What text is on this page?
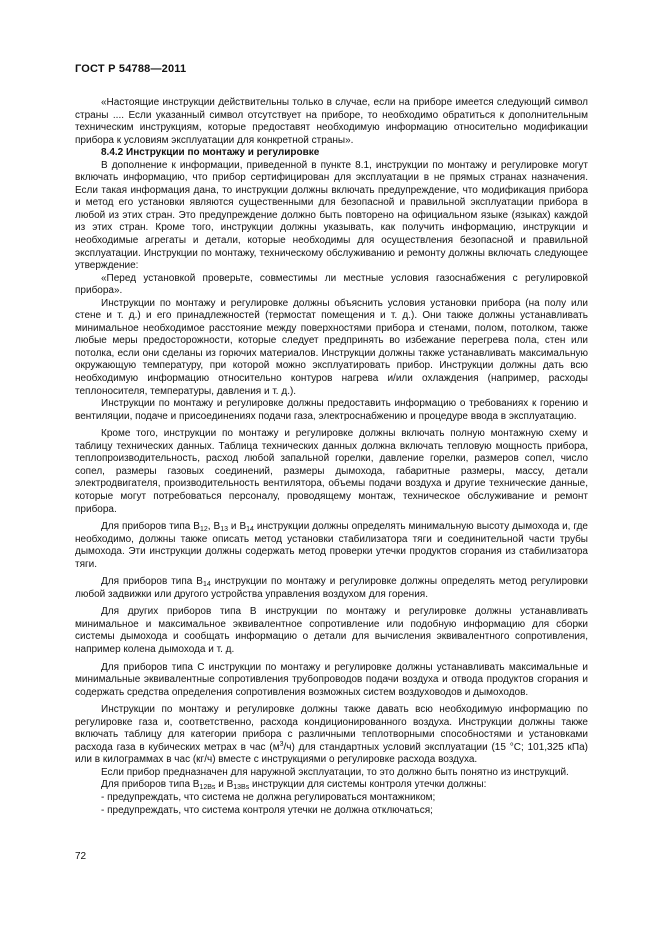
ГОСТ Р 54788—2011

«Настоящие инструкции действительны только в случае, если на приборе имеется следующий символ страны .... Если указанный символ отсутствует на приборе, то необходимо обратиться к дополнительным техническим инструкциям, которые предоставят необходимую информацию относительно модификации прибора к условиям эксплуатации для конкретной страны».

8.4.2 Инструкции по монтажу и регулировке

В дополнение к информации, приведенной в пункте 8.1, инструкции по монтажу и регулировке могут включать информацию, что прибор сертифицирован для эксплуатации в не прямых странах назначения. Если такая информация дана, то инструкции должны включать предупреждение, что модификация прибора и метод его установки являются существенными для безопасной и правильной эксплуатации прибора в любой из этих стран. Это предупреждение должно быть повторено на официальном языке (языках) каждой из этих стран. Кроме того, инструкции должны указывать, как получить информацию, инструкции и необходимые агрегаты и детали, которые необходимы для осуществления безопасной и правильной эксплуатации. Инструкции по монтажу, техническому обслуживанию и ремонту должны включать следующее утверждение:

«Перед установкой проверьте, совместимы ли местные условия газоснабжения с регулировкой прибора».

Инструкции по монтажу и регулировке должны объяснить условия установки прибора (на полу или стене и т. д.) и его принадлежностей (термостат помещения и т. д.). Они также должны устанавливать минимальное необходимое расстояние между поверхностями прибора и стенами, полом, потолком, также любые меры предосторожности, которые следует предпринять во избежание перегрева пола, стен или потолка, если они сделаны из горючих материалов. Инструкции должны также устанавливать максимальную окружающую температуру, при которой можно эксплуатировать прибор. Инструкции должны дать всю необходимую информацию относительно контуров нагрева и/или охлаждения (например, расходы теплоносителя, температуры, давления и т. д.).

Инструкции по монтажу и регулировке должны предоставить информацию о требованиях к горению и вентиляции, подаче и присоединениях подачи газа, электроснабжению и процедуре ввода в эксплуатацию.

Кроме того, инструкции по монтажу и регулировке должны включать полную монтажную схему и таблицу технических данных. Таблица технических данных должна включать тепловую мощность прибора, теплопроизводительность, расход любой запальной горелки, давление горелки, размеров сопел, число сопел, размеры газовых соединений, размеры дымохода, габаритные размеры, массу, детали электродвигателя, производительность вентилятора, объемы подачи воздуха и другие технические данные, которые могут потребоваться персоналу, проводящему монтаж, техническое обслуживание и ремонт прибора.

Для приборов типа $В_{12}$, $В_{13}$ и $В_{14}$ инструкции должны определять минимальную высоту дымохода и, где необходимо, должны также описать метод установки стабилизатора тяги и соединительной части трубы дымохода. Эти инструкции должны содержать метод проверки утечки продуктов сгорания из стабилизатора тяги.

Для приборов типа $В_{14}$ инструкции по монтажу и регулировке должны определять метод регулировки любой задвижки или другого устройства управления воздухом для горения.

Для других приборов типа В инструкции по монтажу и регулировке должны устанавливать минимальное и максимальное эквивалентное сопротивление или подобную информацию для сборки системы дымохода и сообщать информацию о детали для вычисления эквивалентного сопротивления, например колена дымохода и т. д.

Для приборов типа С инструкции по монтажу и регулировке должны устанавливать максимальные и минимальные эквивалентные сопротивления трубопроводов подачи воздуха и отвода продуктов сгорания и содержать средства определения сопротивления возможных систем воздуховодов и дымоходов.

Инструкции по монтажу и регулировке должны также давать всю необходимую информацию по регулировке газа и, соответственно, расхода кондиционированного воздуха. Инструкции должны также включать таблицу для категории прибора с различными теплотворными способностями и установками расхода газа в кубических метрах в час $(м^3/ч)$ для стандартных условий эксплуатации (15 °С; 101,325 кПа) или в килограммах в час (кг/ч) вместе с инструкциями о регулировке расхода воздуха.

Если прибор предназначен для наружной эксплуатации, то это должно быть понятно из инструкций.

Для приборов типа $В_{12Bs}$ и $В_{13Bs}$ инструкции для системы контроля утечки должны:

- предупреждать, что система не должна регулироваться монтажником;

- предупреждать, что система контроля утечки не должна отключаться;

72
